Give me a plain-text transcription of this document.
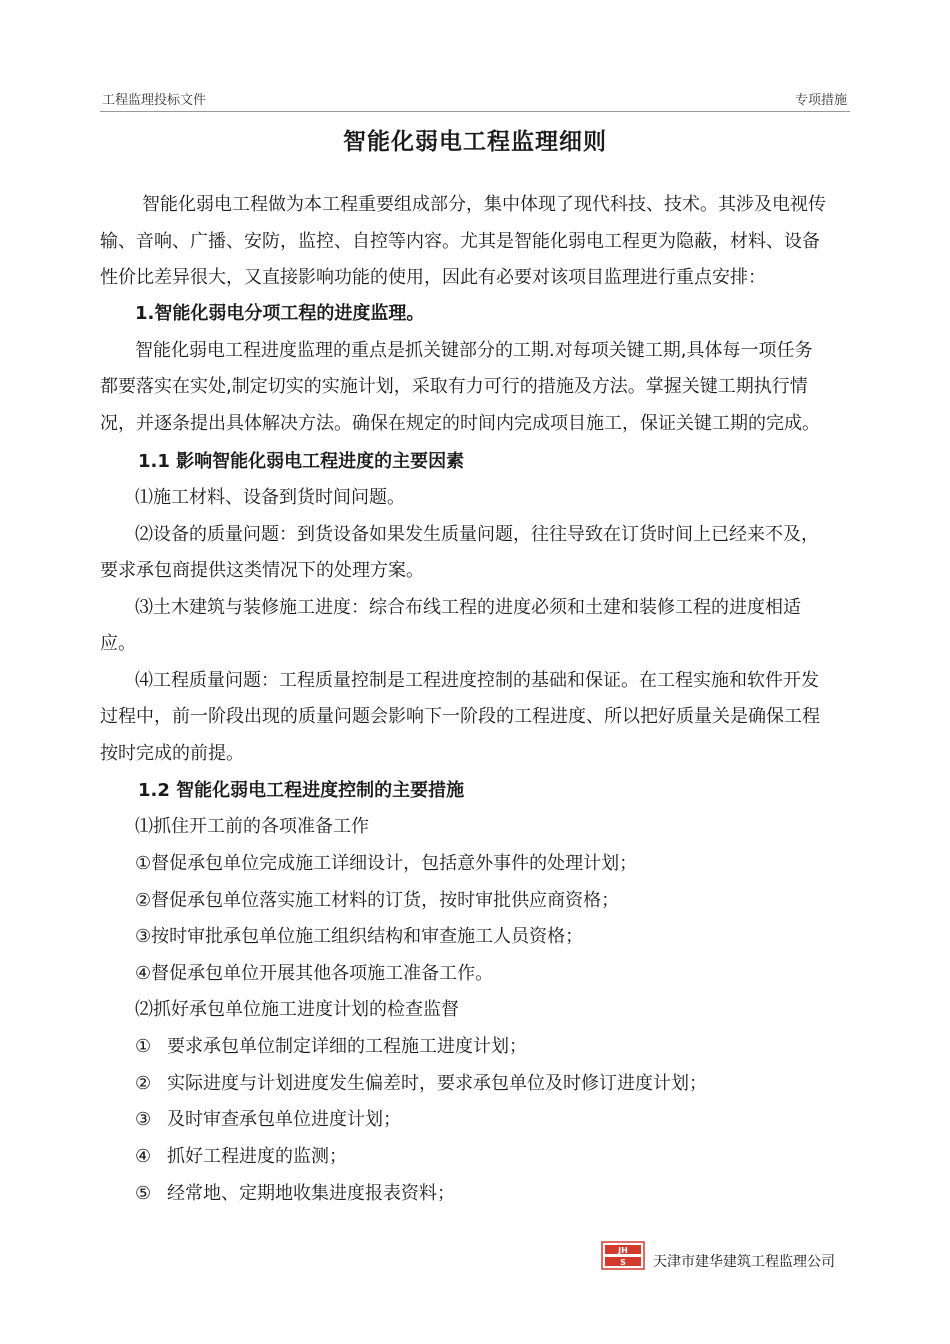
工程监理投标文件	专项措施
智能化弱电工程监理细则
智能化弱电工程做为本工程重要组成部分，集中体现了现代科技、技术。其涉及电视传
输、音响、广播、安防，监控、自控等内容。尤其是智能化弱电工程更为隐蔽，材料、设备
性价比差异很大，又直接影响功能的使用，因此有必要对该项目监理进行重点安排：
1.智能化弱电分项工程的进度监理。
智能化弱电工程进度监理的重点是抓关键部分的工期.对每项关键工期,具体每一项任务
都要落实在实处,制定切实的实施计划，采取有力可行的措施及方法。掌握关键工期执行情
况，并逐条提出具体解决方法。确保在规定的时间内完成项目施工，保证关键工期的完成。
1.1 影响智能化弱电工程进度的主要因素
⑴施工材料、设备到货时间问题。
⑵设备的质量问题：到货设备如果发生质量问题，往往导致在订货时间上已经来不及，
要求承包商提供这类情况下的处理方案。
⑶土木建筑与装修施工进度：综合布线工程的进度必须和土建和装修工程的进度相适
应。
⑷工程质量问题：工程质量控制是工程进度控制的基础和保证。在工程实施和软件开发
过程中，前一阶段出现的质量问题会影响下一阶段的工程进度、所以把好质量关是确保工程
按时完成的前提。
1.2 智能化弱电工程进度控制的主要措施
⑴抓住开工前的各项准备工作
①督促承包单位完成施工详细设计，包括意外事件的处理计划；
②督促承包单位落实施工材料的订货，按时审批供应商资格；
③按时审批承包单位施工组织结构和审查施工人员资格；
④督促承包单位开展其他各项施工准备工作。
⑵抓好承包单位施工进度计划的检查监督
① 要求承包单位制定详细的工程施工进度计划；
② 实际进度与计划进度发生偏差时，要求承包单位及时修订进度计划；
③ 及时审查承包单位进度计划；
④ 抓好工程进度的监测；
⑤ 经常地、定期地收集进度报表资料；
JH
S 天津市建华建筑工程监理公司
